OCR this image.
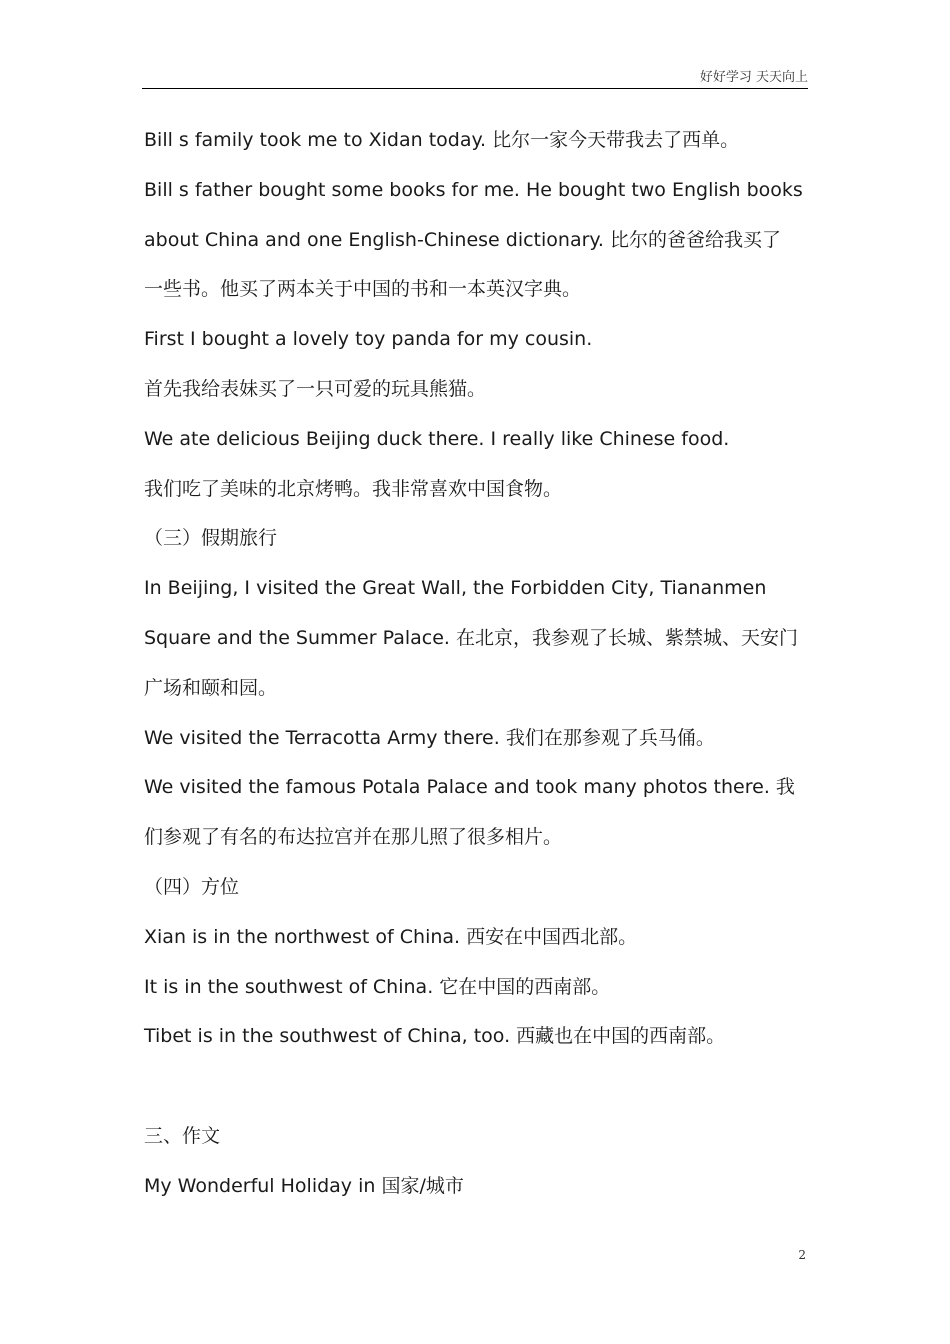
好好学习 天天向上
Bill s family took me to Xidan today. 比尔一家今天带我去了西单。
Bill s father bought some books for me. He bought two English books
about China and one English-Chinese dictionary. 比尔的爸爸给我买了
一些书。他买了两本关于中国的书和一本英汉字典。
First I bought a lovely toy panda for my cousin.
首先我给表妹买了一只可爱的玩具熊猫。
We ate delicious Beijing duck there. I really like Chinese food.
我们吃了美味的北京烤鸭。我非常喜欢中国食物。
（三）假期旅行
In Beijing, I visited the Great Wall, the Forbidden City, Tiananmen
Square and the Summer Palace. 在北京，我参观了长城、紫禁城、天安门
广场和颐和园。
We visited the Terracotta Army there. 我们在那参观了兵马俑。
We visited the famous Potala Palace and took many photos there. 我
们参观了有名的布达拉宫并在那儿照了很多相片。
（四）方位
Xian is in the northwest of China. 西安在中国西北部。
It is in the southwest of China. 它在中国的西南部。
Tibet is in the southwest of China, too. 西藏也在中国的西南部。
三、作文
My Wonderful Holiday in 国家/城市
2
